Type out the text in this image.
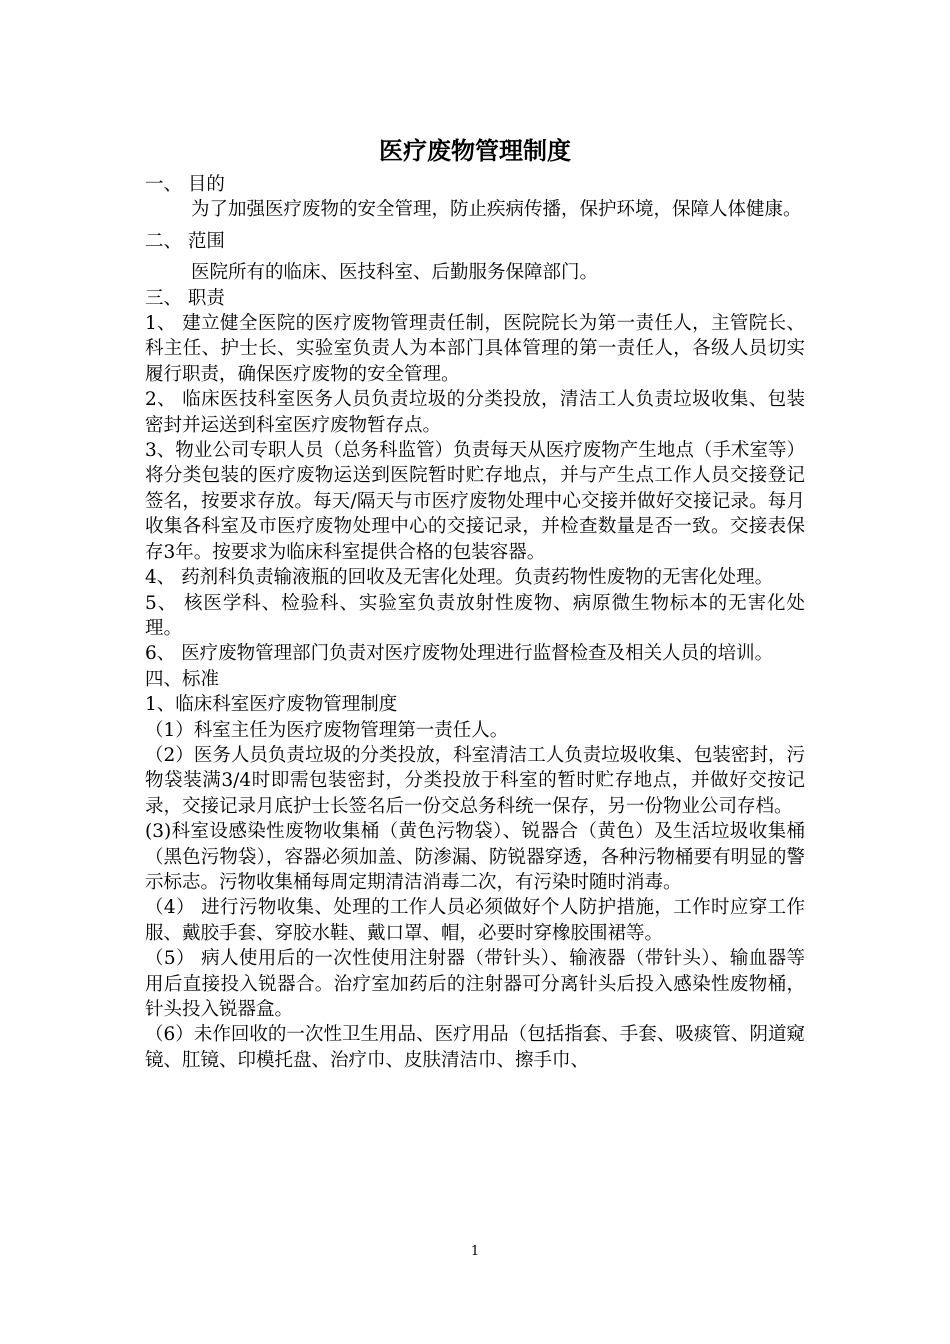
医疗废物管理制度

一、 目的

为了加强医疗废物的安全管理，防止疾病传播，保护环境，保障人体健康。

二、 范围

医院所有的临床、医技科室、后勤服务保障部门。

三、 职责

1、 建立健全医院的医疗废物管理责任制，医院院长为第一责任人，主管院长、科主任、护士长、实验室负责人为本部门具体管理的第一责任人，各级人员切实履行职责，确保医疗废物的安全管理。

2、 临床医技科室医务人员负责垃圾的分类投放，清洁工人负责垃圾收集、包装密封并运送到科室医疗废物暂存点。

3、物业公司专职人员（总务科监管）负责每天从医疗废物产生地点（手术室等）将分类包装的医疗废物运送到医院暂时贮存地点，并与产生点工作人员交接登记签名，按要求存放。每天/隔天与市医疗废物处理中心交接并做好交接记录。每月收集各科室及市医疗废物处理中心的交接记录，并检查数量是否一致。交接表保存3年。按要求为临床科室提供合格的包装容器。

4、 药剂科负责输液瓶的回收及无害化处理。负责药物性废物的无害化处理。

5、 核医学科、检验科、实验室负责放射性废物、病原微生物标本的无害化处理。

6、 医疗废物管理部门负责对医疗废物处理进行监督检查及相关人员的培训。

四、标准

1、临床科室医疗废物管理制度

（1）科室主任为医疗废物管理第一责任人。

（2）医务人员负责垃圾的分类投放，科室清洁工人负责垃圾收集、包装密封，污物袋装满3/4时即需包装密封，分类投放于科室的暂时贮存地点，并做好交按记录，交接记录月底护士长签名后一份交总务科统一保存，另一份物业公司存档。

(3)科室设感染性废物收集桶（黄色污物袋）、锐器合（黄色）及生活垃圾收集桶（黑色污物袋），容器必须加盖、防渗漏、防锐器穿透，各种污物桶要有明显的警示标志。污物收集桶每周定期清洁消毒二次，有污染时随时消毒。

（4） 进行污物收集、处理的工作人员必须做好个人防护措施，工作时应穿工作服、戴胶手套、穿胶水鞋、戴口罩、帽，必要时穿橡胶围裙等。

（5） 病人使用后的一次性使用注射器（带针头）、输液器（带针头）、输血器等用后直接投入锐器合。治疗室加药后的注射器可分离针头后投入感染性废物桶，针头投入锐器盒。

（6）未作回收的一次性卫生用品、医疗用品（包括指套、手套、吸痰管、阴道窥镜、肛镜、印模托盘、治疗巾、皮肤清洁巾、擦手巾、

1
